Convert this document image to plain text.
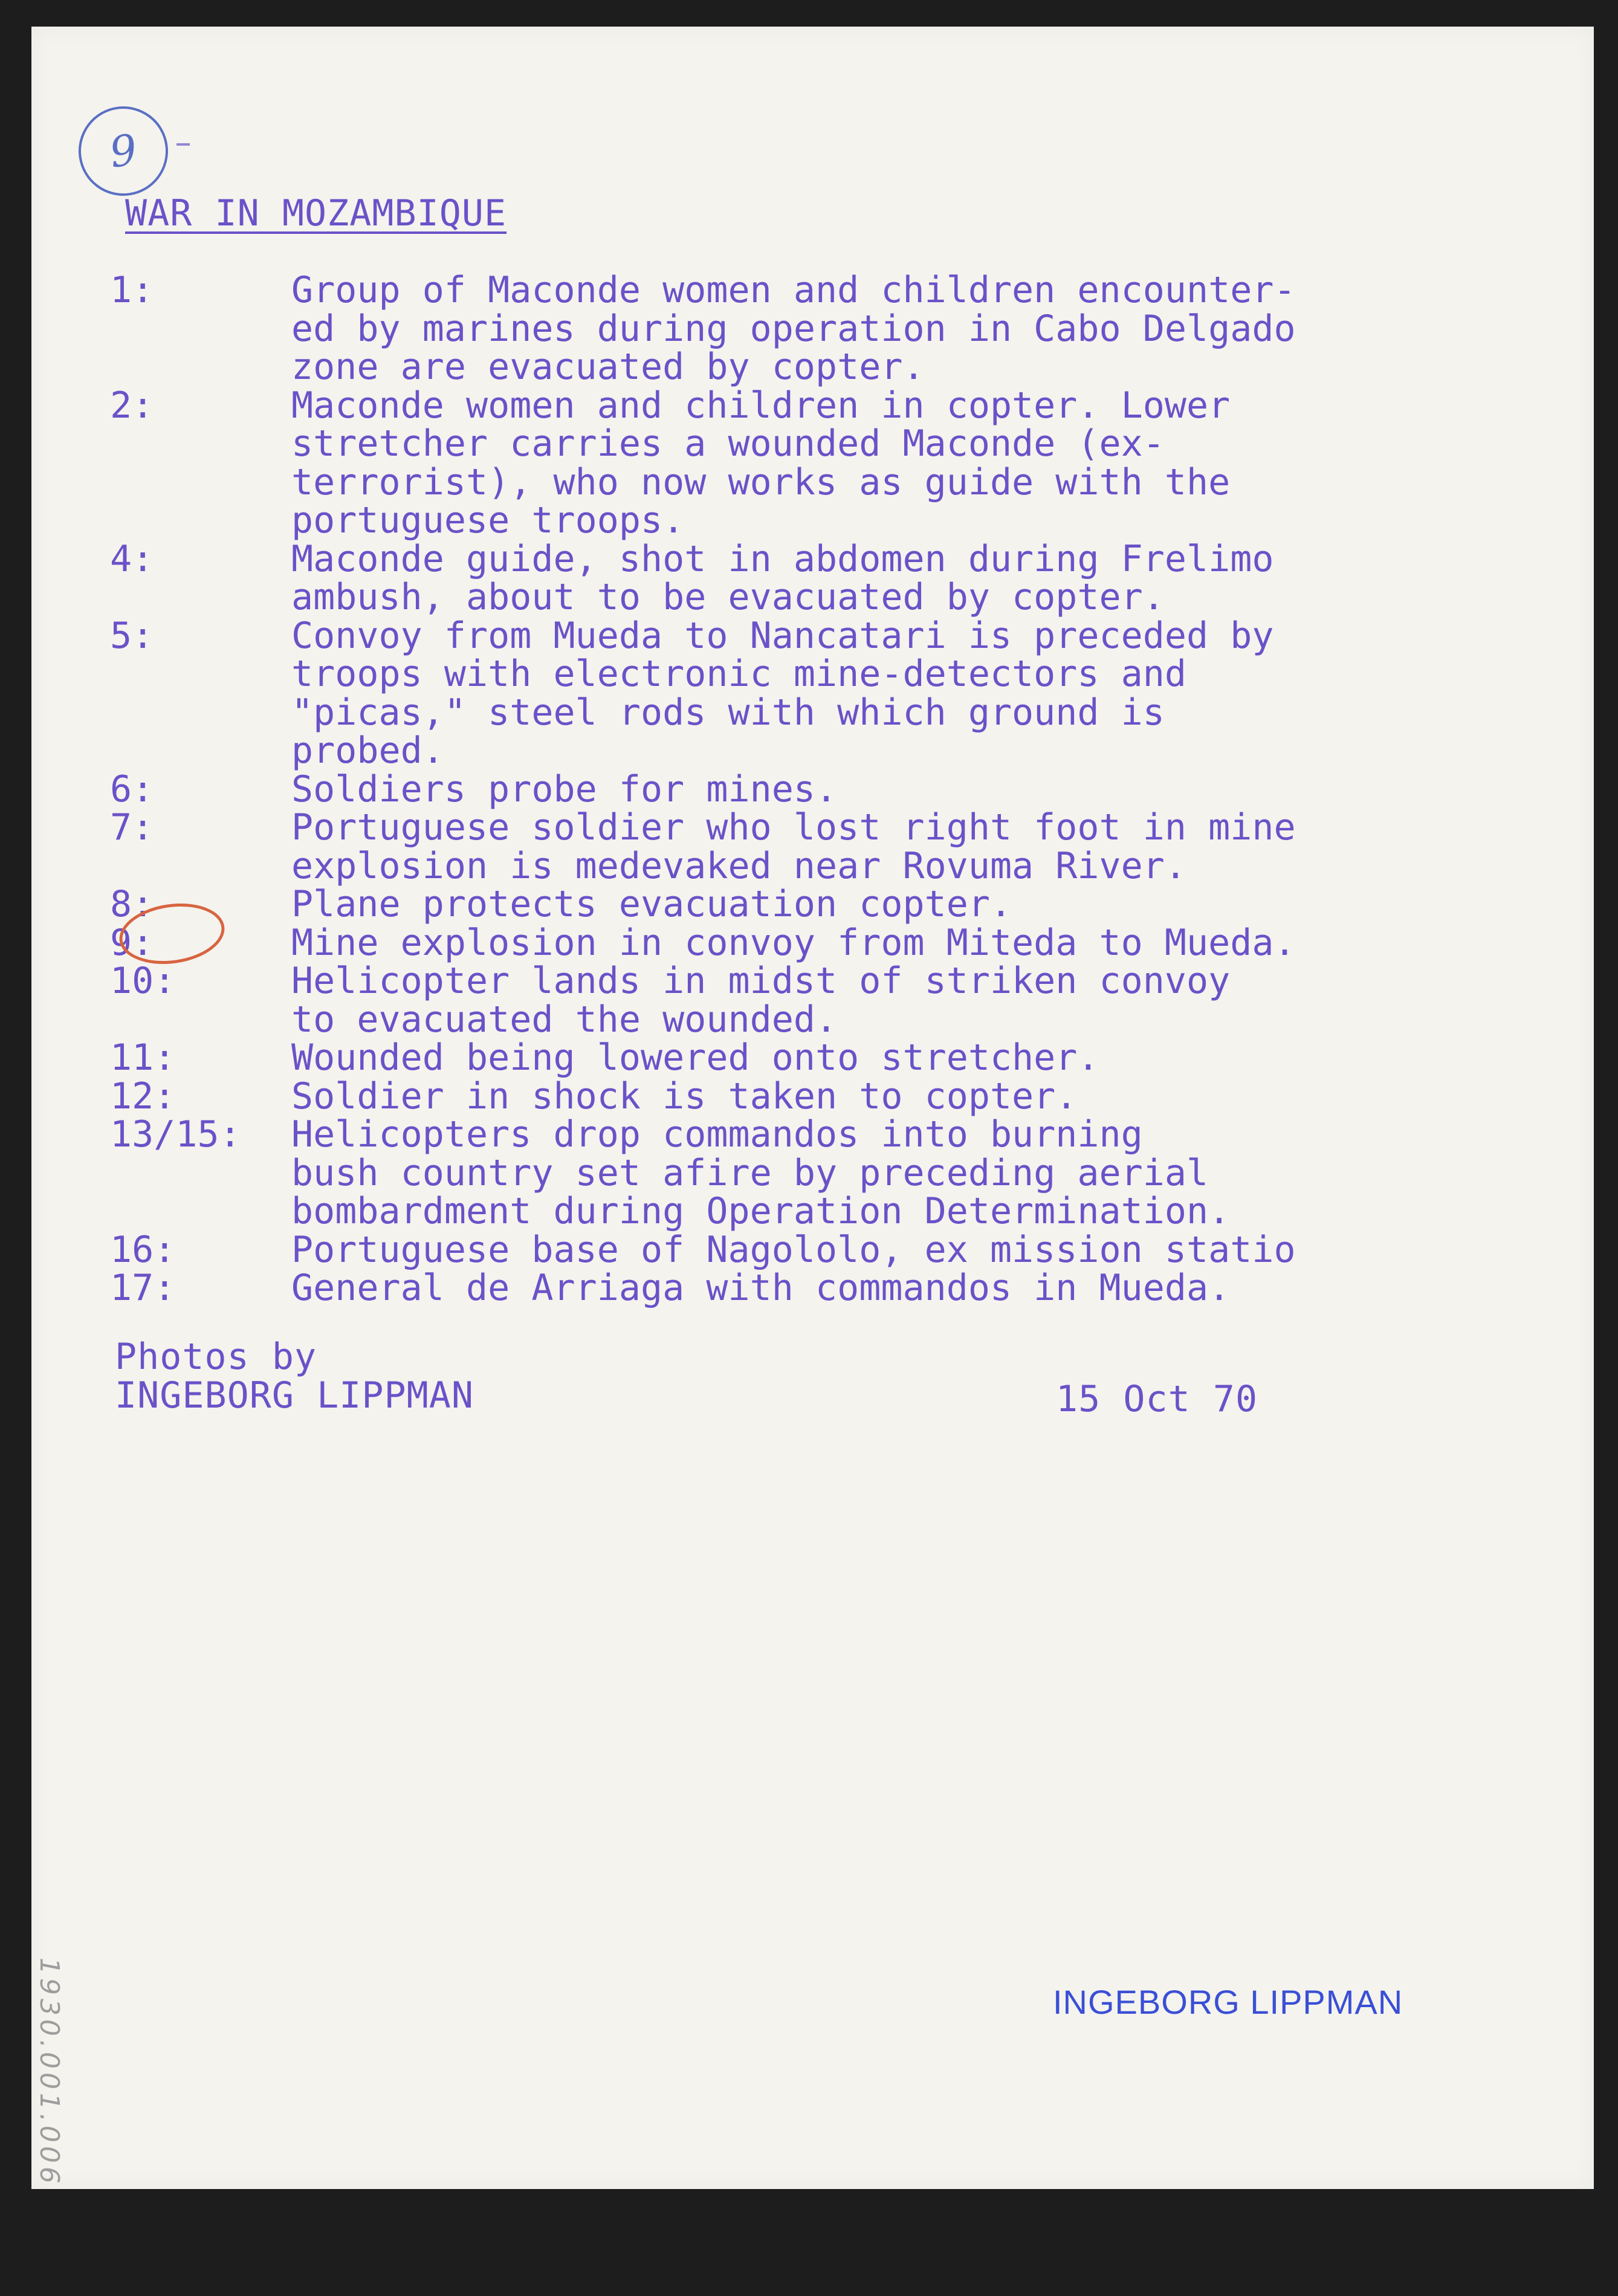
9
WAR IN MOZAMBIQUE
1:	Group of Maconde women and children encounter-
ed by marines during operation in Cabo Delgado
zone are evacuated by copter.
2:	Maconde women and children in copter. Lower
stretcher carries a wounded Maconde (ex-
terrorist), who now works as guide with the
portuguese troops.
4:	Maconde guide, shot in abdomen during Frelimo
ambush, about to be evacuated by copter.
5:	Convoy from Mueda to Nancatari is preceded by
troops with electronic mine-detectors and
"picas," steel rods with which ground is
probed.
6:	Soldiers probe for mines.
7:	Portuguese soldier who lost right foot in mine
explosion is medevaked near Rovuma River.
8:	Plane protects evacuation copter.
9:	Mine explosion in convoy from Miteda to Mueda.
10:	Helicopter lands in midst of striken convoy
to evacuated the wounded.
11:	Wounded being lowered onto stretcher.
12:	Soldier in shock is taken to copter.
13/15:	Helicopters drop commandos into burning
bush country set afire by preceding aerial
bombardment during Operation Determination.
16:	Portuguese base of Nagololo, ex mission statio
17:	General de Arriaga with commandos in Mueda.
Photos by
INGEBORG LIPPMAN	15 Oct 70
INGEBORG LIPPMAN
1930.001.006
